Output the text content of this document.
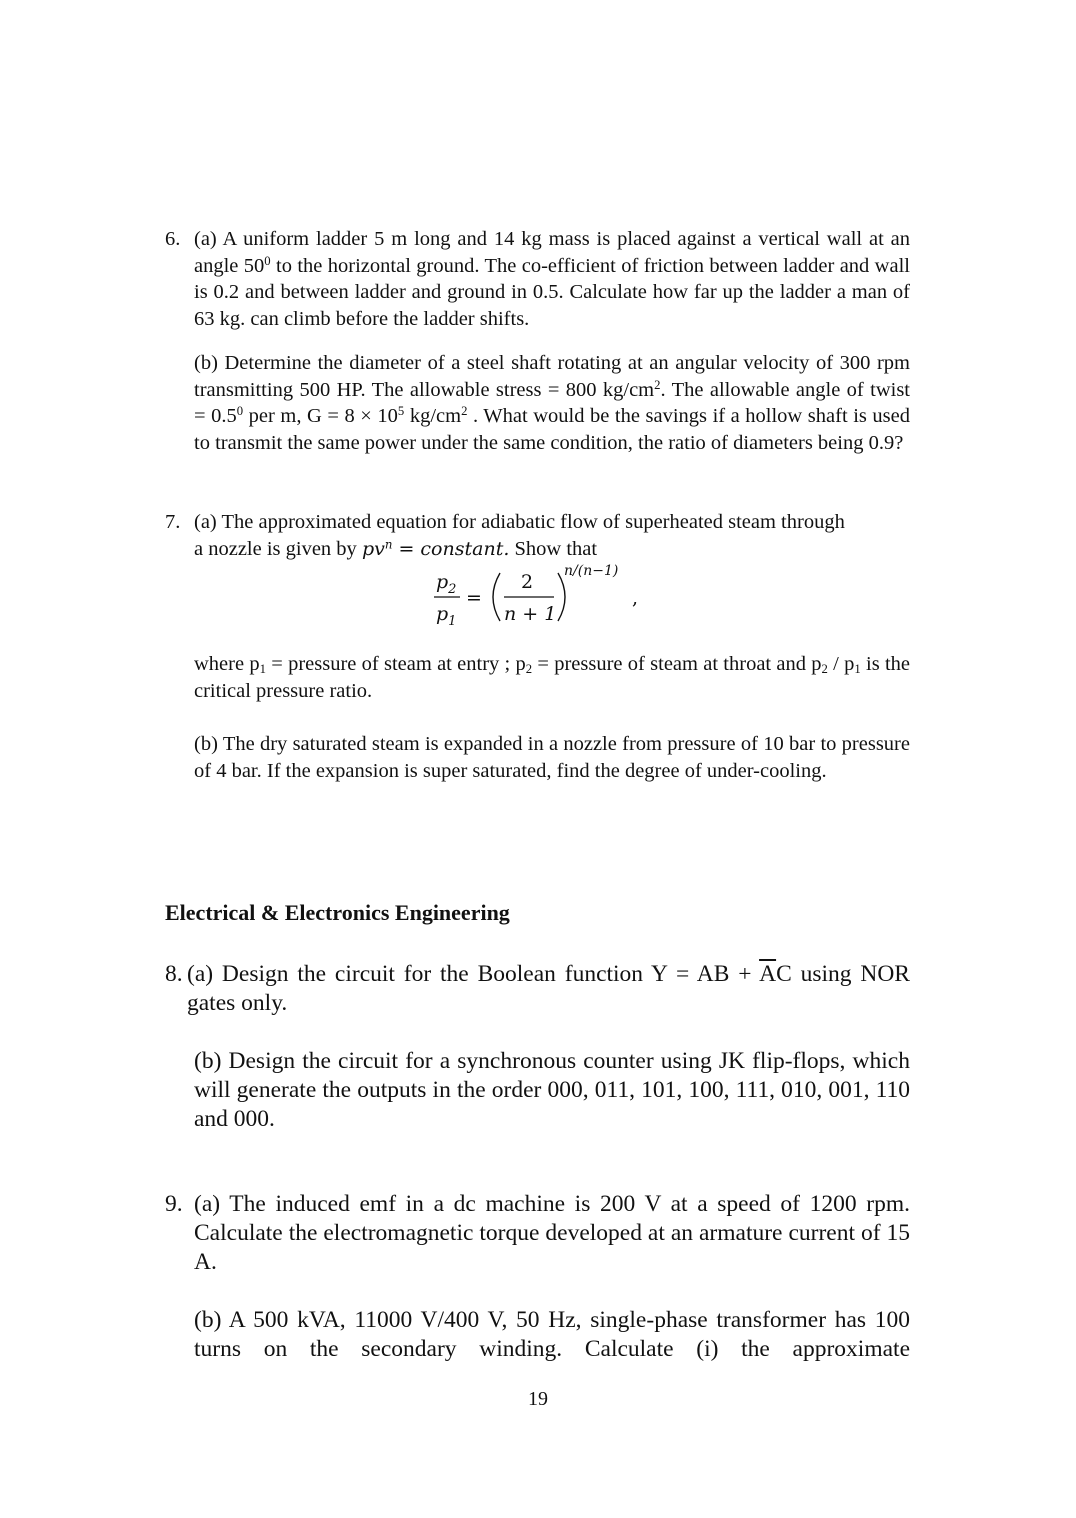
6. (a) A uniform ladder 5 m long and 14 kg mass is placed against a vertical wall at an angle $50^0$ to the horizontal ground. The co-efficient of friction between ladder and wall is 0.2 and between ladder and ground in 0.5. Calculate how far up the ladder a man of 63 kg. can climb before the ladder shifts.
(b) Determine the diameter of a steel shaft rotating at an angular velocity of 300 rpm transmitting 500 HP. The allowable stress = 800 $kg/cm^2$. The allowable angle of twist = $0.5^0$ per m, $G = 8 \times 10^5$ $kg/cm^2$ . What would be the savings if a hollow shaft is used to transmit the same power under the same condition, the ratio of diameters being 0.9?
7. (a) The approximated equation for adiabatic flow of superheated steam through
a nozzle is given by $pv^n$ = constant. Show that
where $p_1$ = pressure of steam at entry ; $p_2$ = pressure of steam at throat and $p_2 / p_1$ is the critical pressure ratio.
(b) The dry saturated steam is expanded in a nozzle from pressure of 10 bar to pressure of 4 bar. If the expansion is super saturated, find the degree of under-cooling.
$p_2$
$p_1$
=
2
n + 1
n/(n−1)
,
Electrical & Electronics Engineering
8. (a) Design the circuit for the Boolean function Y = AB + $\overline{A}C$ using NOR gates only.
(b) Design the circuit for a synchronous counter using JK flip-flops, which will generate the outputs in the order 000, 011, 101, 100, 111, 010, 001, 110 and 000.
9. (a) The induced emf in a dc machine is 200 V at a speed of 1200 rpm. Calculate the electromagnetic torque developed at an armature current of 15 A.
(b) A 500 kVA, 11000 V/400 V, 50 Hz, single-phase transformer has 100 turns on the secondary winding. Calculate (i) the approximate
19
